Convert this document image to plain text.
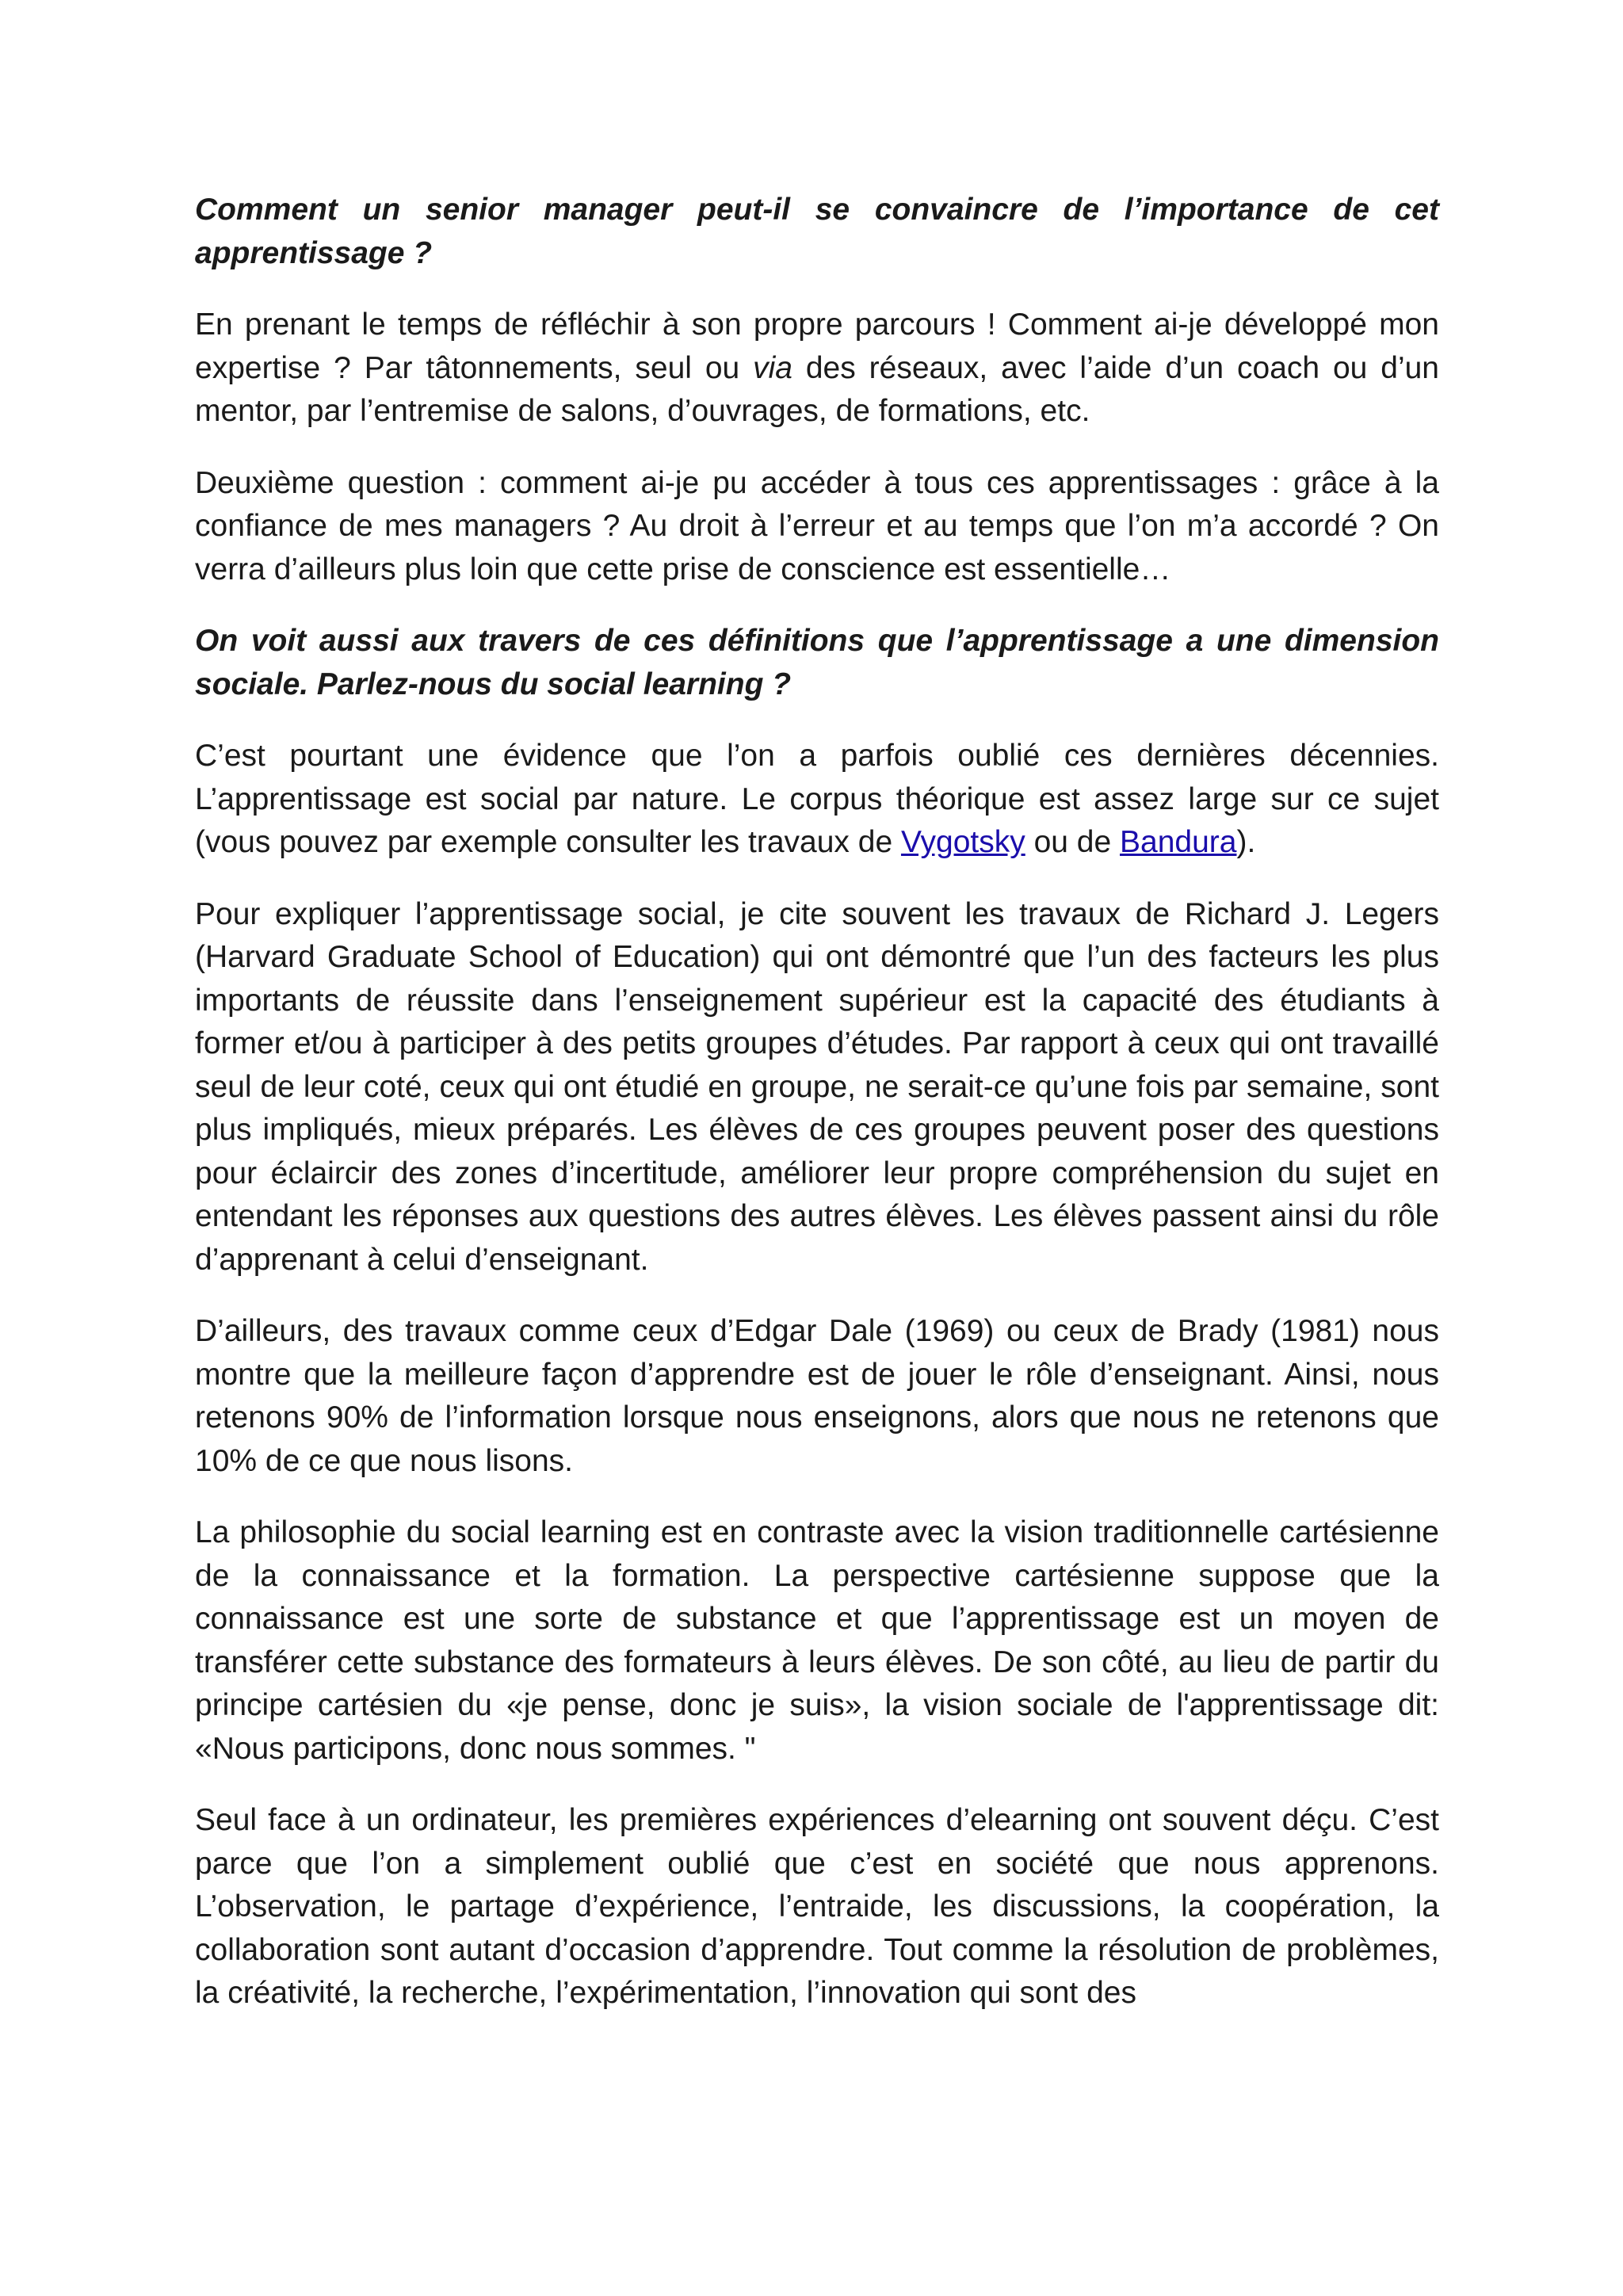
Comment un senior manager peut-il se convaincre de l’importance de cet apprentissage ?

En prenant le temps de réfléchir à son propre parcours ! Comment ai-je développé mon expertise ? Par tâtonnements, seul ou via des réseaux, avec l’aide d’un coach ou d’un mentor, par l’entremise de salons, d’ouvrages, de formations, etc.

Deuxième question : comment ai-je pu accéder à tous ces apprentissages : grâce à la confiance de mes managers ? Au droit à l’erreur et au temps que l’on m’a accordé ? On verra d’ailleurs plus loin que cette prise de conscience est essentielle…

On voit aussi aux travers de ces définitions que l’apprentissage a une dimension sociale. Parlez-nous du social learning ?

C’est pourtant une évidence que l’on a parfois oublié ces dernières décennies. L’apprentissage est social par nature. Le corpus théorique est assez large sur ce sujet (vous pouvez par exemple consulter les travaux de Vygotsky ou de Bandura).

Pour expliquer l’apprentissage social, je cite souvent les travaux de Richard J. Legers (Harvard Graduate School of Education) qui ont démontré que l’un des facteurs les plus importants de réussite dans l’enseignement supérieur est la capacité des étudiants à former et/ou à participer à des petits groupes d’études. Par rapport à ceux qui ont travaillé seul de leur coté, ceux qui ont étudié en groupe, ne serait-ce qu’une fois par semaine, sont plus impliqués, mieux préparés. Les élèves de ces groupes peuvent poser des questions pour éclaircir des zones d’incertitude, améliorer leur propre compréhension du sujet en entendant les réponses aux questions des autres élèves. Les élèves passent ainsi du rôle d’apprenant à celui d’enseignant.

D’ailleurs, des travaux comme ceux d’Edgar Dale (1969) ou ceux de Brady (1981) nous montre que la meilleure façon d’apprendre est de jouer le rôle d’enseignant. Ainsi, nous retenons 90% de l’information lorsque nous enseignons, alors que nous ne retenons que 10% de ce que nous lisons.

La philosophie du social learning est en contraste avec la vision traditionnelle cartésienne de la connaissance et la formation. La perspective cartésienne suppose que la connaissance est une sorte de substance et que l’apprentissage est un moyen de transférer cette substance des formateurs à leurs élèves. De son côté, au lieu de partir du principe cartésien du «je pense, donc je suis», la vision sociale de l'apprentissage dit: «Nous participons, donc nous sommes. "

Seul face à un ordinateur, les premières expériences d’elearning ont souvent déçu. C’est parce que l’on a simplement oublié que c’est en société que nous apprenons. L’observation, le partage d’expérience, l’entraide, les discussions, la coopération, la collaboration sont autant d’occasion d’apprendre. Tout comme la résolution de problèmes, la créativité, la recherche, l’expérimentation, l’innovation qui sont des
